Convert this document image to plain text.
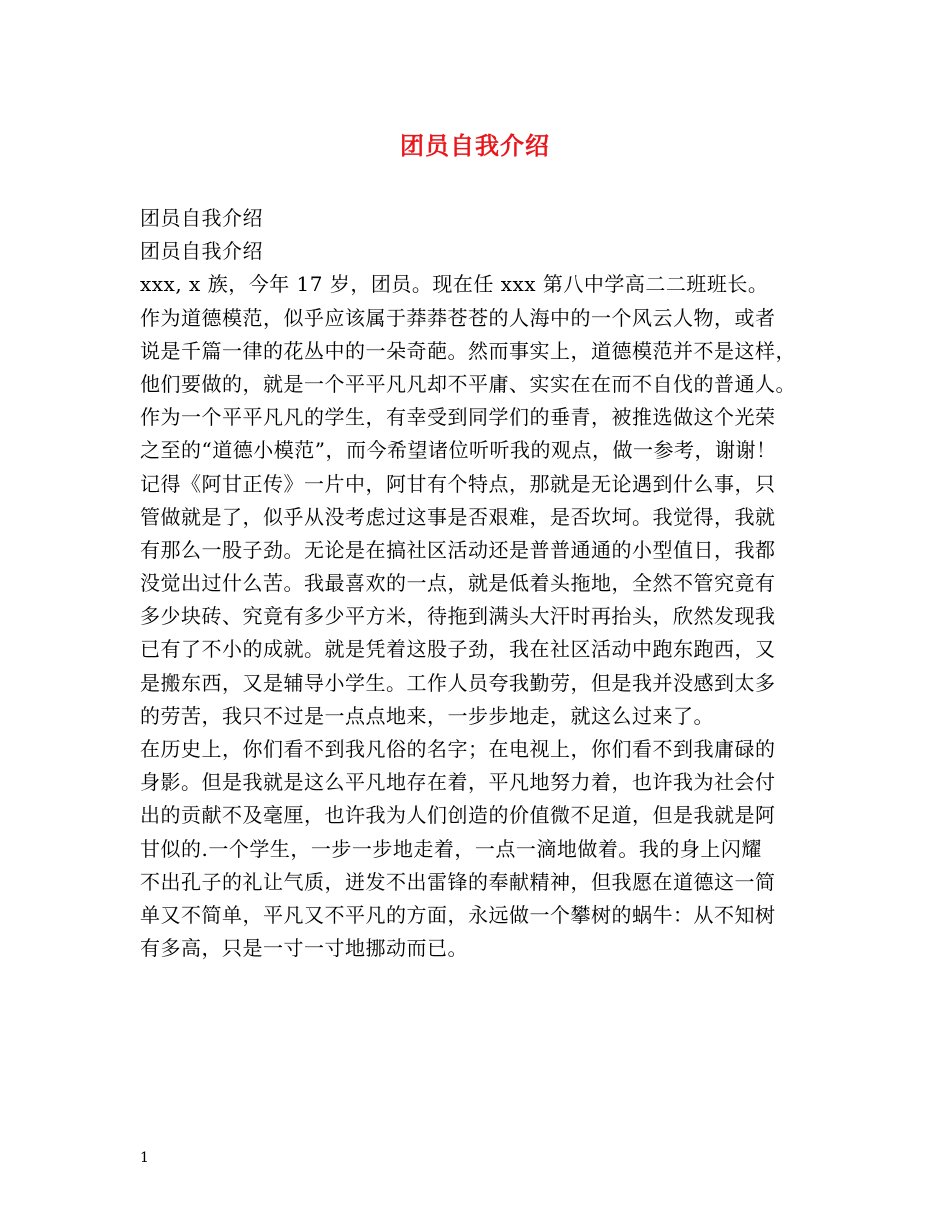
团员自我介绍
团员自我介绍
团员自我介绍
xxx, x 族，今年 17 岁，团员。现在任 xxx 第八中学高二二班班长。
作为道德模范，似乎应该属于莽莽苍苍的人海中的一个风云人物，或者
说是千篇一律的花丛中的一朵奇葩。然而事实上，道德模范并不是这样，
他们要做的，就是一个平平凡凡却不平庸、实实在在而不自伐的普通人。
作为一个平平凡凡的学生，有幸受到同学们的垂青，被推选做这个光荣
之至的“道德小模范”，而今希望诸位听听我的观点，做一参考，谢谢！
记得《阿甘正传》一片中，阿甘有个特点，那就是无论遇到什么事，只
管做就是了，似乎从没考虑过这事是否艰难，是否坎坷。我觉得，我就
有那么一股子劲。无论是在搞社区活动还是普普通通的小型值日，我都
没觉出过什么苦。我最喜欢的一点，就是低着头拖地，全然不管究竟有
多少块砖、究竟有多少平方米，待拖到满头大汗时再抬头，欣然发现我
已有了不小的成就。就是凭着这股子劲，我在社区活动中跑东跑西，又
是搬东西，又是辅导小学生。工作人员夸我勤劳，但是我并没感到太多
的劳苦，我只不过是一点点地来，一步步地走，就这么过来了。
在历史上，你们看不到我凡俗的名字；在电视上，你们看不到我庸碌的
身影。但是我就是这么平凡地存在着，平凡地努力着，也许我为社会付
出的贡献不及毫厘，也许我为人们创造的价值微不足道，但是我就是阿
甘似的.一个学生，一步一步地走着，一点一滴地做着。我的身上闪耀
不出孔子的礼让气质，迸发不出雷锋的奉献精神，但我愿在道德这一简
单又不简单，平凡又不平凡的方面，永远做一个攀树的蜗牛：从不知树
有多高，只是一寸一寸地挪动而已。
1
